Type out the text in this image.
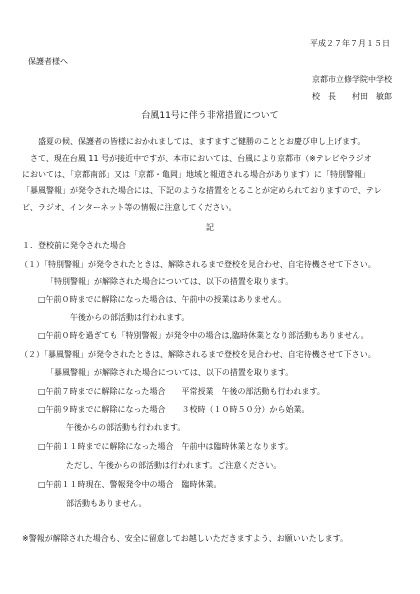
平成２７年７月１５日
保護者様へ
京都市立修学院中学校
校　長　　村田　敏郎
台風11号に伴う非常措置について
盛夏の候、保護者の皆様におかれましては、ますますご健勝のこととお慶び申し上げます。
さて、現在台風 11 号が接近中ですが、本市においては、台風により京都市（※テレビやラジオ
においては、「京都南部」又は「京都・亀岡」地域と報道される場合があります）に「特別警報」
「暴風警報」が発令された場合には、下記のような措置をとることが定められておりますので、テレ
ビ、ラジオ、インターネット等の情報に注意してください。
記
１．登校前に発令された場合
（１）「特別警報」が発令されたときは、解除されるまで登校を見合わせ、自宅待機させて下さい。
「特別警報」が解除された場合については、以下の措置を取ります。
□午前０時までに解除になった場合は、午前中の授業はありません。
午後からの部活動は行われます。
□午前０時を過ぎても「特別警報」が発令中の場合は,臨時休業となり部活動もありません。
（２）「暴風警報」が発令されたときは、解除されるまで登校を見合わせ、自宅待機させて下さい。
「暴風警報」が解除された場合については、以下の措置を取ります。
□午前７時までに解除になった場合　　平常授業　午後の部活動も行われます。
□午前９時までに解除になった場合　　３校時（１０時５０分）から始業。
午後からの部活動も行われます。
□午前１１時までに解除になった場合　午前中は臨時休業となります。
ただし、午後からの部活動は行われます。ご注意ください。
□午前１１時現在、警報発令中の場合　臨時休業。
部活動もありません。
※警報が解除された場合も、安全に留意してお越しいただきますよう、お願いいたします。
